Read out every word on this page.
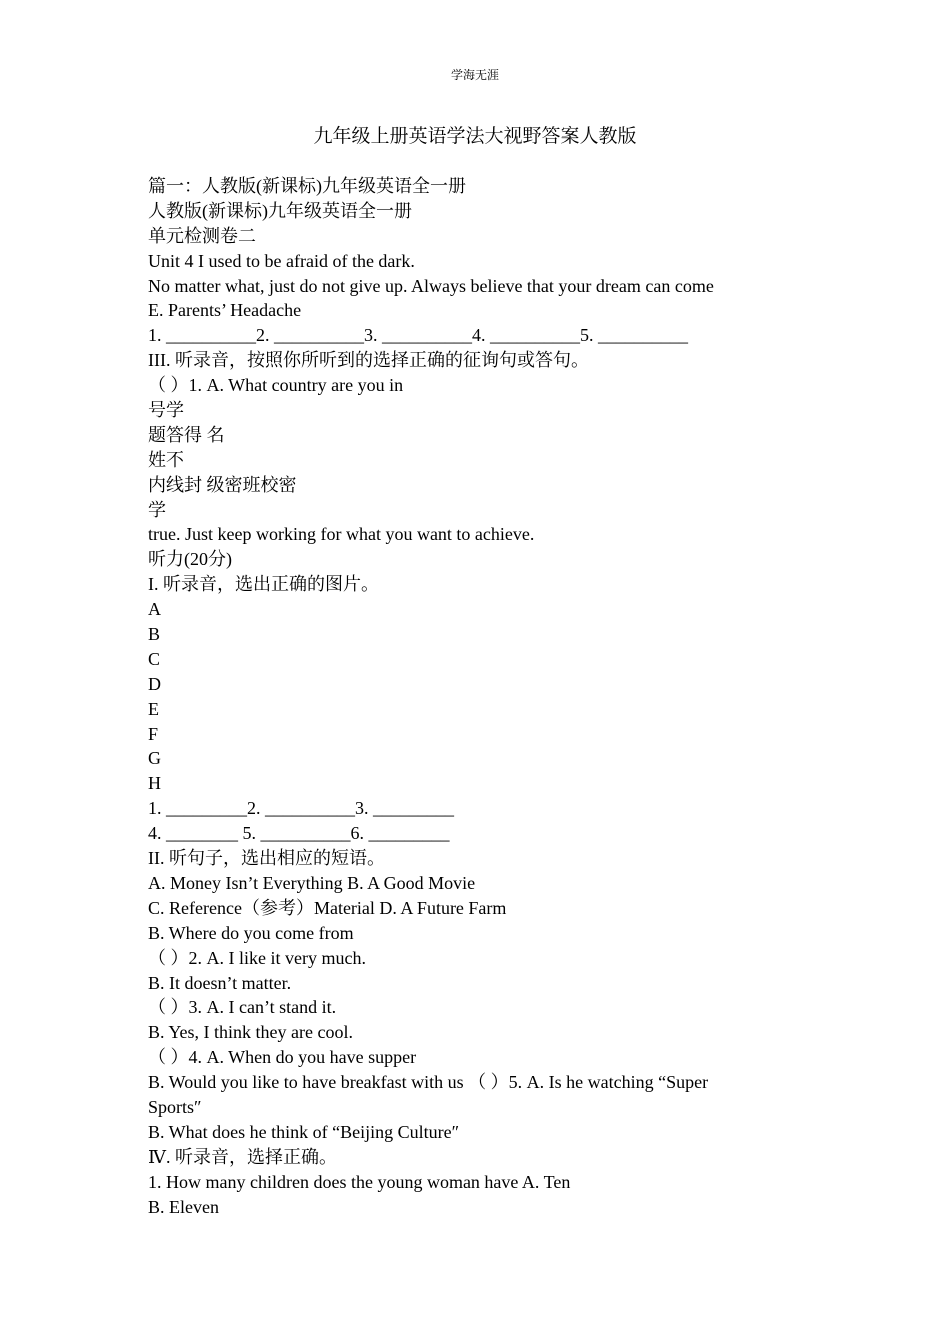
学海无涯
九年级上册英语学法大视野答案人教版
篇一：人教版(新课标)九年级英语全一册
人教版(新课标)九年级英语全一册
单元检测卷二
Unit 4 I used to be afraid of the dark.
No matter what, just do not give up. Always believe that your dream can come
E. Parents’ Headache
1. __________2. __________3. __________4. __________5. __________
III. 听录音，按照你所听到的选择正确的征询句或答句。
（ ）1. A. What country are you in
号学
题答得 名
姓不
内线封 级密班校密
学
true. Just keep working for what you want to achieve.
听力(20分)
I. 听录音，选出正确的图片。
A
B
C
D
E
F
G
H
1. _________2. __________3. _________
4. ________ 5. __________6. _________
II. 听句子，选出相应的短语。
A. Money Isn’t Everything B. A Good Movie
C. Reference（参考）Material D. A Future Farm
B. Where do you come from
（ ）2. A. I like it very much.
B. It doesn’t matter.
（ ）3. A. I can’t stand it.
B. Yes, I think they are cool.
（ ）4. A. When do you have supper
B. Would you like to have breakfast with us （ ）5. A. Is he watching “Super
Sports″
B. What does he think of “Beijing Culture″
Ⅳ. 听录音，选择正确。
1. How many children does the young woman have A. Ten
B. Eleven
